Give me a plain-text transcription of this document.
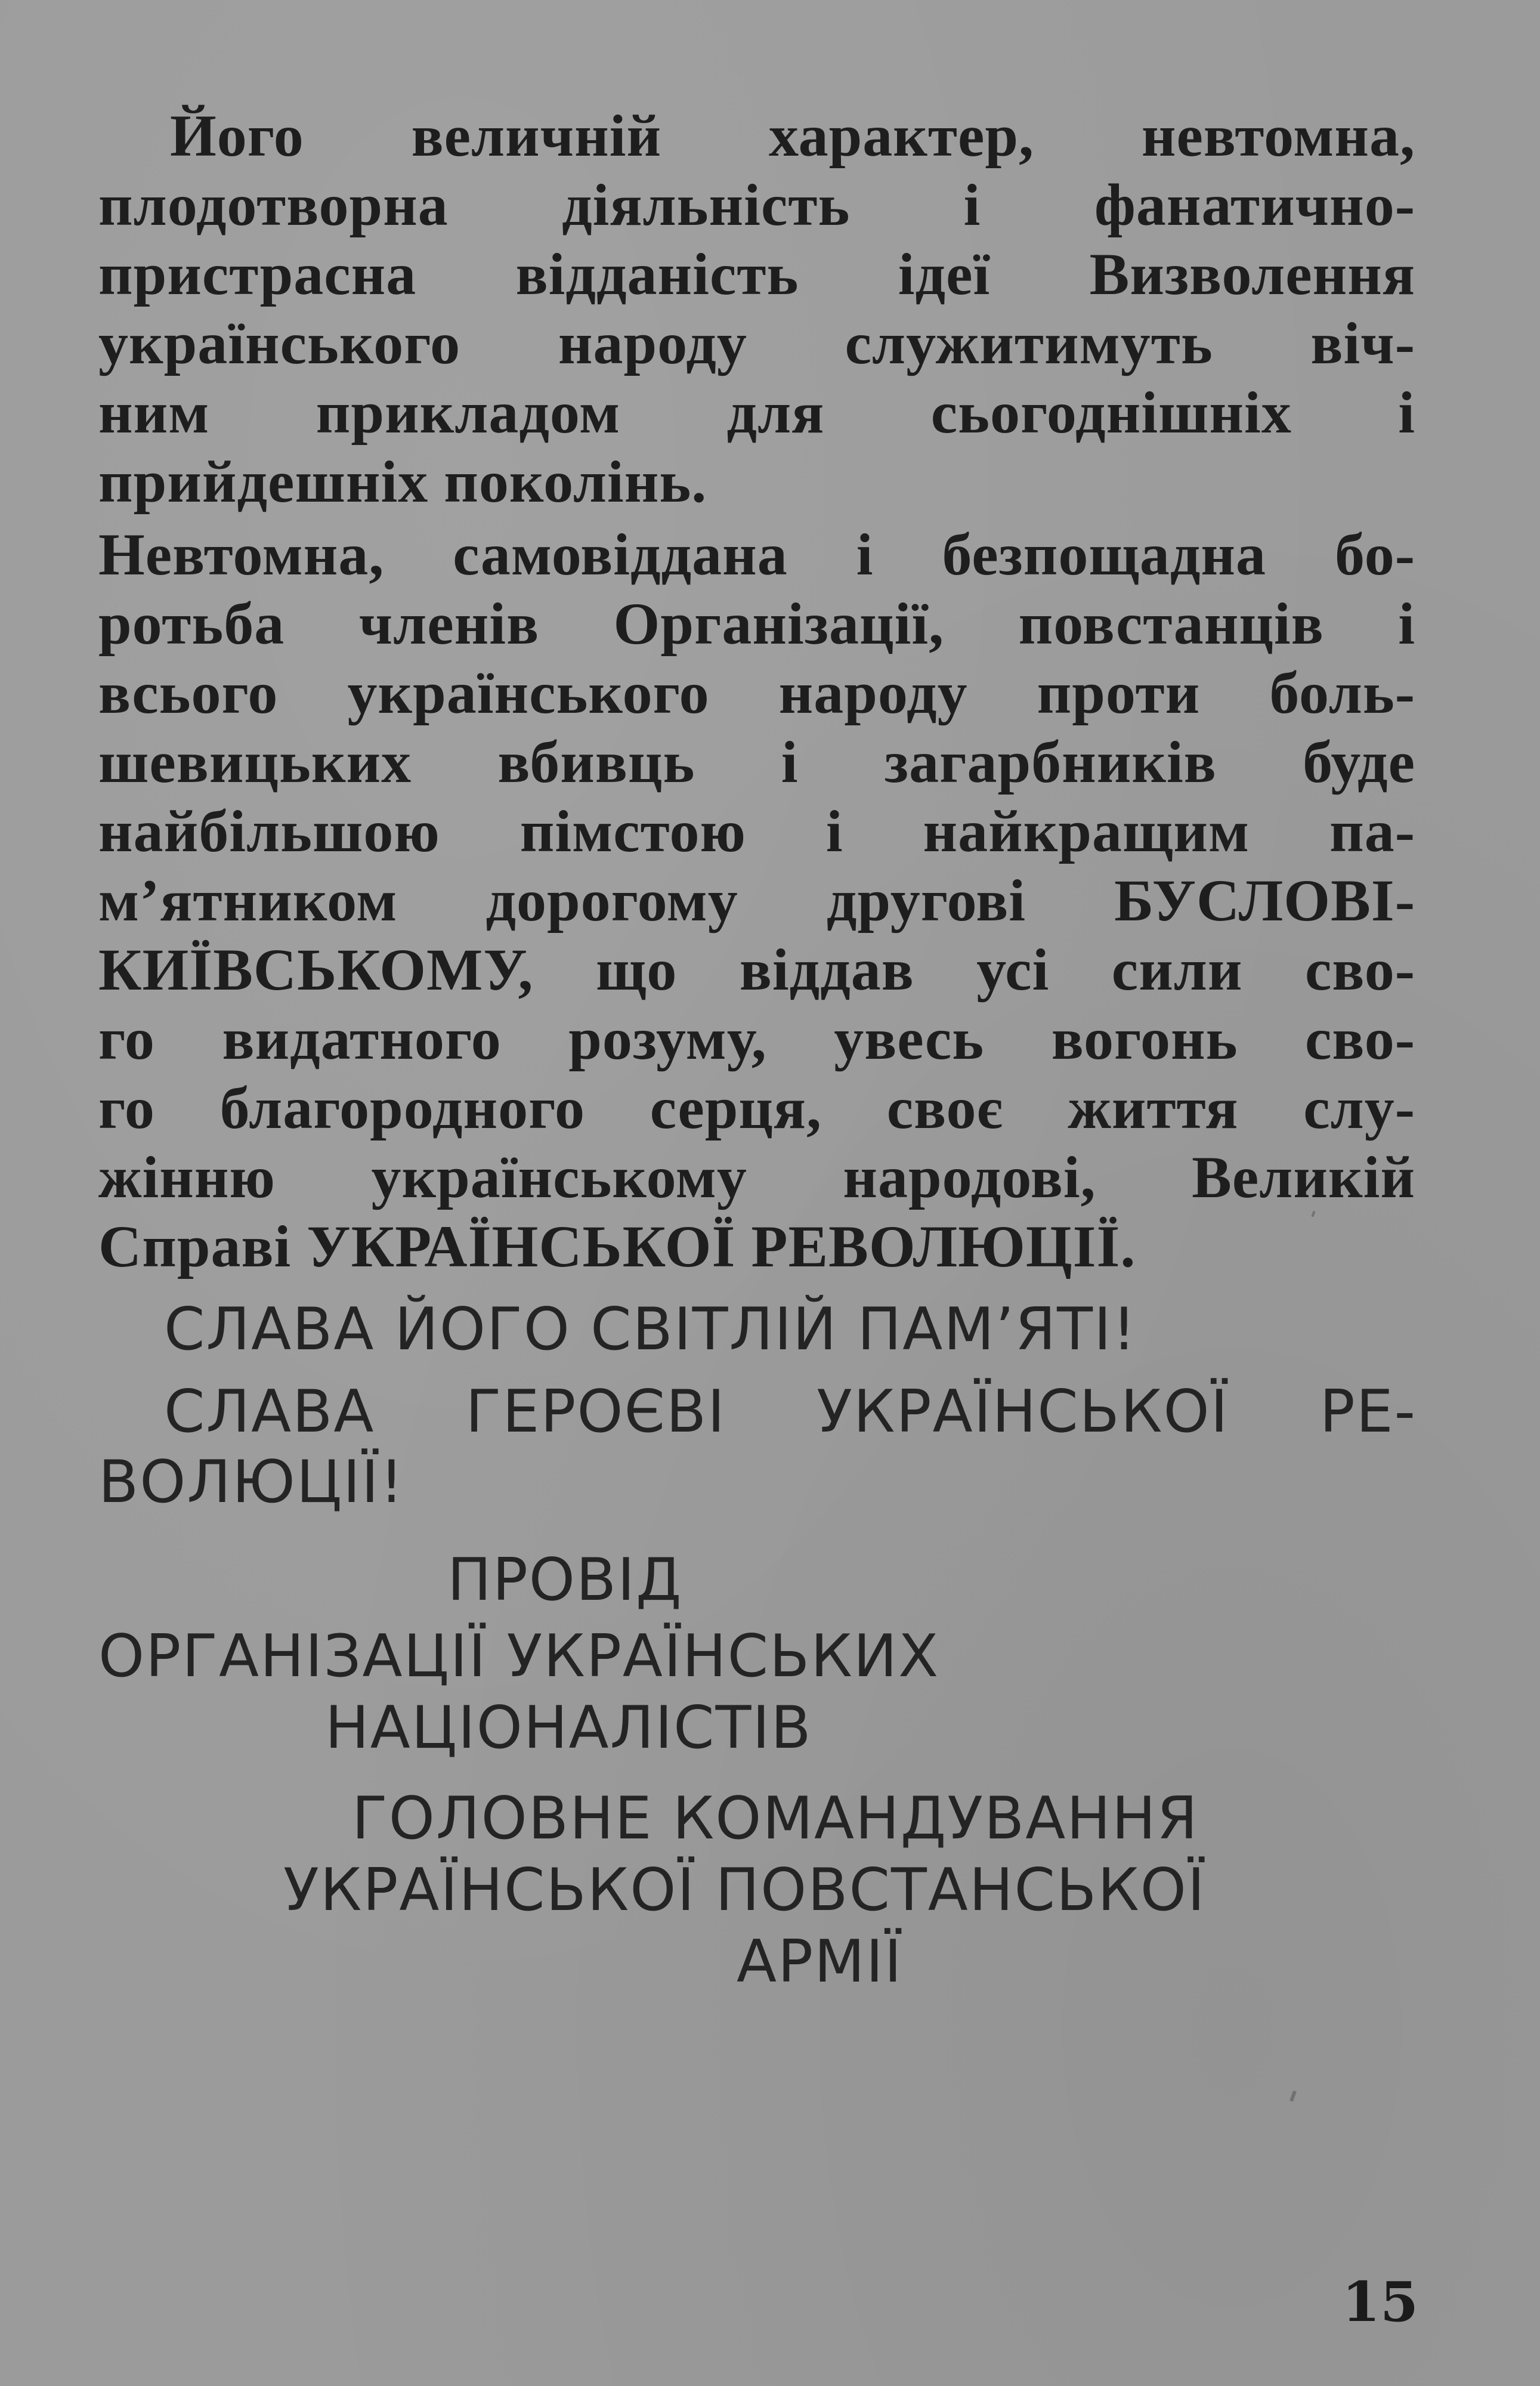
Його величній характер, невтомна,
плодотворна діяльність і фанатично-
пристрасна відданість ідеї Визволення
українського народу служитимуть віч-
ним прикладом для сьогоднішніх і
прийдешніх поколінь.
Невтомна, самовіддана і безпощадна бо-
ротьба членів Організації, повстанців і
всього українського народу проти боль-
шевицьких вбивць і загарбників буде
найбільшою пімстою і найкращим па-
м’ятником дорогому другові БУСЛОВІ-
КИЇВСЬКОМУ, що віддав усі сили сво-
го видатного розуму, увесь вогонь сво-
го благородного серця, своє життя слу-
жінню українському народові, Великій
Справі УКРАЇНСЬКОЇ РЕВОЛЮЦІЇ.
СЛАВА ЙОГО СВІТЛІЙ ПАМ’ЯТІ!
СЛАВА ГЕРОЄВІ УКРАЇНСЬКОЇ РЕ-
ВОЛЮЦІЇ!
ПРОВІД
ОРГАНІЗАЦІЇ УКРАЇНСЬКИХ
НАЦІОНАЛІСТІВ
ГОЛОВНЕ КОМАНДУВАННЯ
УКРАЇНСЬКОЇ ПОВСТАНСЬКОЇ
АРМІЇ
15
